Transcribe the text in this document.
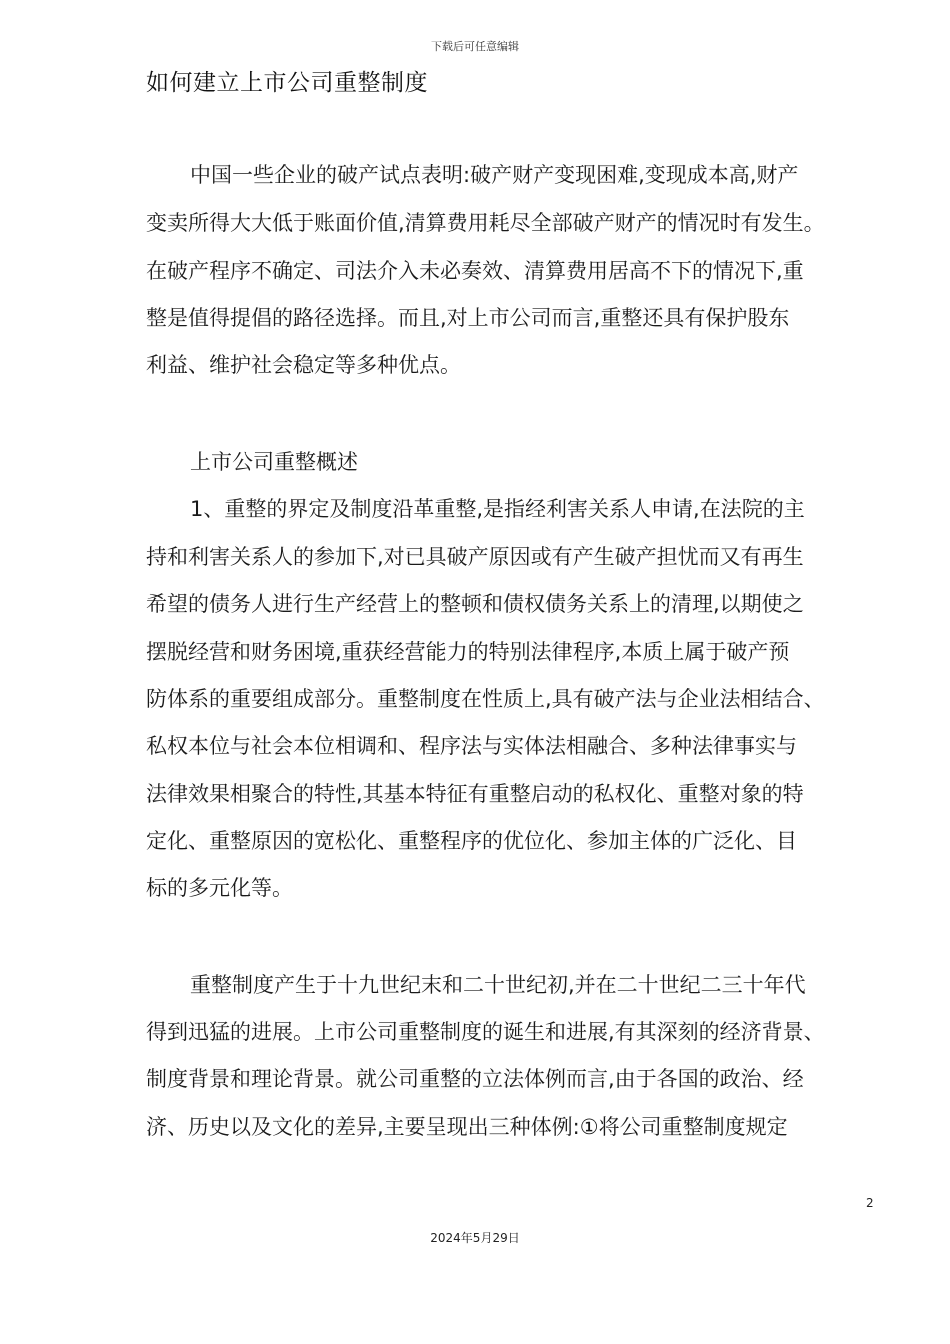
下载后可任意编辑
如何建立上市公司重整制度
中国一些企业的破产试点表明:破产财产变现困难,变现成本高,财产
变卖所得大大低于账面价值,清算费用耗尽全部破产财产的情况时有发生。
在破产程序不确定、司法介入未必奏效、清算费用居高不下的情况下,重
整是值得提倡的路径选择。而且,对上市公司而言,重整还具有保护股东
利益、维护社会稳定等多种优点。
上市公司重整概述
1、重整的界定及制度沿革重整,是指经利害关系人申请,在法院的主
持和利害关系人的参加下,对已具破产原因或有产生破产担忧而又有再生
希望的债务人进行生产经营上的整顿和债权债务关系上的清理,以期使之
摆脱经营和财务困境,重获经营能力的特别法律程序,本质上属于破产预
防体系的重要组成部分。重整制度在性质上,具有破产法与企业法相结合、
私权本位与社会本位相调和、程序法与实体法相融合、多种法律事实与
法律效果相聚合的特性,其基本特征有重整启动的私权化、重整对象的特
定化、重整原因的宽松化、重整程序的优位化、参加主体的广泛化、目
标的多元化等。
重整制度产生于十九世纪末和二十世纪初,并在二十世纪二三十年代
得到迅猛的进展。上市公司重整制度的诞生和进展,有其深刻的经济背景、
制度背景和理论背景。就公司重整的立法体例而言,由于各国的政治、经
济、历史以及文化的差异,主要呈现出三种体例:①将公司重整制度规定
2
2024年5月29日
